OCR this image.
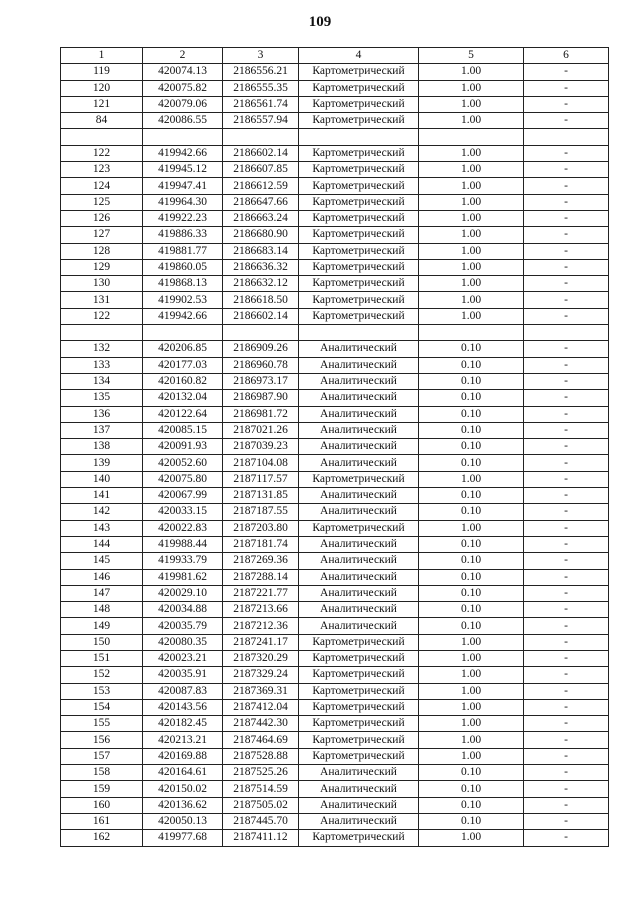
109
1	2	3	4	5	6
119	420074.13	2186556.21	Картометрический	1.00	-
120	420075.82	2186555.35	Картометрический	1.00	-
121	420079.06	2186561.74	Картометрический	1.00	-
84	420086.55	2186557.94	Картометрический	1.00	-

122	419942.66	2186602.14	Картометрический	1.00	-
123	419945.12	2186607.85	Картометрический	1.00	-
124	419947.41	2186612.59	Картометрический	1.00	-
125	419964.30	2186647.66	Картометрический	1.00	-
126	419922.23	2186663.24	Картометрический	1.00	-
127	419886.33	2186680.90	Картометрический	1.00	-
128	419881.77	2186683.14	Картометрический	1.00	-
129	419860.05	2186636.32	Картометрический	1.00	-
130	419868.13	2186632.12	Картометрический	1.00	-
131	419902.53	2186618.50	Картометрический	1.00	-
122	419942.66	2186602.14	Картометрический	1.00	-

132	420206.85	2186909.26	Аналитический	0.10	-
133	420177.03	2186960.78	Аналитический	0.10	-
134	420160.82	2186973.17	Аналитический	0.10	-
135	420132.04	2186987.90	Аналитический	0.10	-
136	420122.64	2186981.72	Аналитический	0.10	-
137	420085.15	2187021.26	Аналитический	0.10	-
138	420091.93	2187039.23	Аналитический	0.10	-
139	420052.60	2187104.08	Аналитический	0.10	-
140	420075.80	2187117.57	Картометрический	1.00	-
141	420067.99	2187131.85	Аналитический	0.10	-
142	420033.15	2187187.55	Аналитический	0.10	-
143	420022.83	2187203.80	Картометрический	1.00	-
144	419988.44	2187181.74	Аналитический	0.10	-
145	419933.79	2187269.36	Аналитический	0.10	-
146	419981.62	2187288.14	Аналитический	0.10	-
147	420029.10	2187221.77	Аналитический	0.10	-
148	420034.88	2187213.66	Аналитический	0.10	-
149	420035.79	2187212.36	Аналитический	0.10	-
150	420080.35	2187241.17	Картометрический	1.00	-
151	420023.21	2187320.29	Картометрический	1.00	-
152	420035.91	2187329.24	Картометрический	1.00	-
153	420087.83	2187369.31	Картометрический	1.00	-
154	420143.56	2187412.04	Картометрический	1.00	-
155	420182.45	2187442.30	Картометрический	1.00	-
156	420213.21	2187464.69	Картометрический	1.00	-
157	420169.88	2187528.88	Картометрический	1.00	-
158	420164.61	2187525.26	Аналитический	0.10	-
159	420150.02	2187514.59	Аналитический	0.10	-
160	420136.62	2187505.02	Аналитический	0.10	-
161	420050.13	2187445.70	Аналитический	0.10	-
162	419977.68	2187411.12	Картометрический	1.00	-
